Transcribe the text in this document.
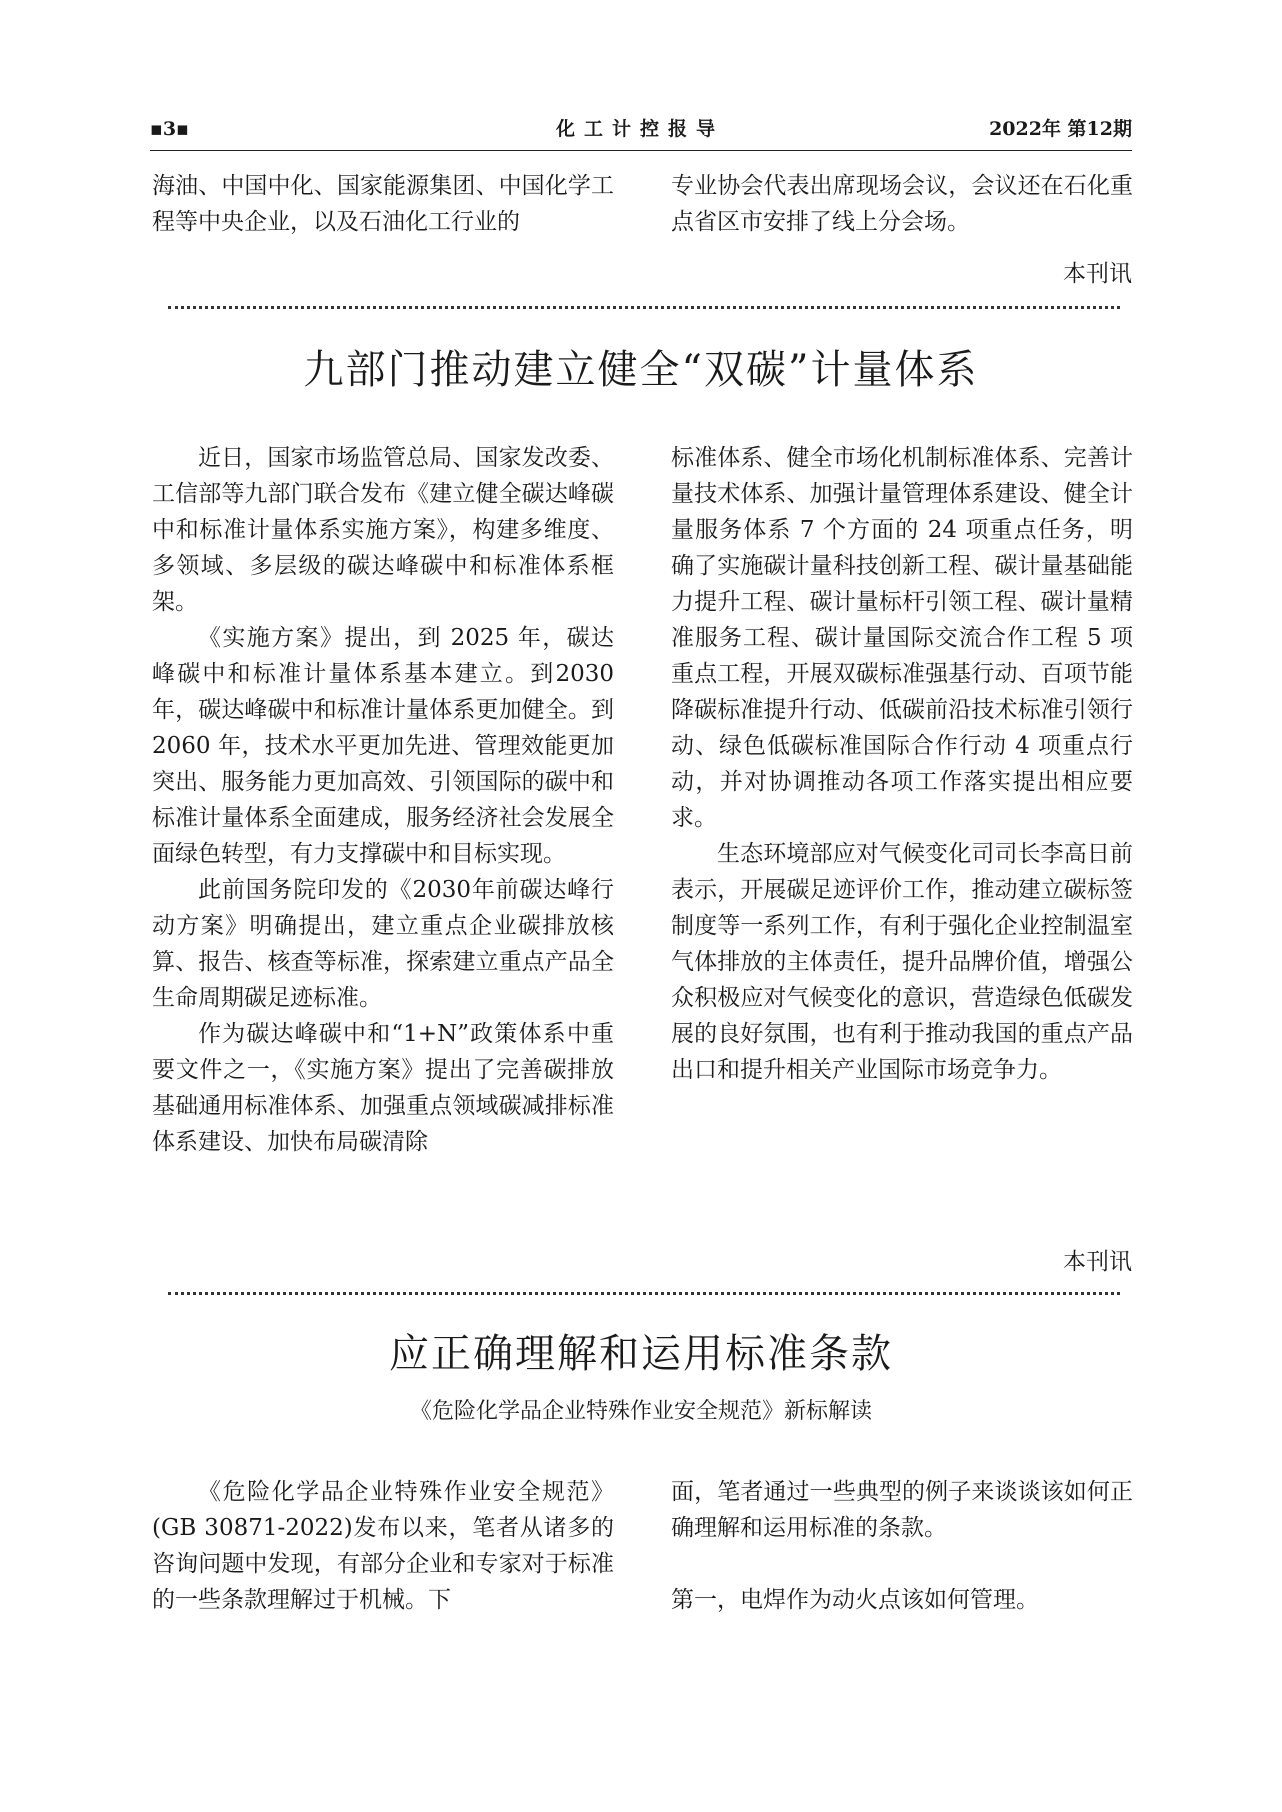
▪3▪	化工计控报导	2022年 第12期

海油、中国中化、国家能源集团、中国化学工程等中央企业，以及石油化工行业的

专业协会代表出席现场会议，会议还在石化重点省区市安排了线上分会场。

本刊讯
九部门推动建立健全“双碳”计量体系

近日，国家市场监管总局、国家发改委、工信部等九部门联合发布《建立健全碳达峰碳中和标准计量体系实施方案》，构建多维度、多领域、多层级的碳达峰碳中和标准体系框架。

《实施方案》提出，到 2025 年，碳达峰碳中和标准计量体系基本建立。到2030年，碳达峰碳中和标准计量体系更加健全。到 2060 年，技术水平更加先进、管理效能更加突出、服务能力更加高效、引领国际的碳中和标准计量体系全面建成，服务经济社会发展全面绿色转型，有力支撑碳中和目标实现。

此前国务院印发的《2030年前碳达峰行动方案》明确提出，建立重点企业碳排放核算、报告、核查等标准，探索建立重点产品全生命周期碳足迹标准。

作为碳达峰碳中和“1+N”政策体系中重要文件之一，《实施方案》提出了完善碳排放基础通用标准体系、加强重点领域碳减排标准体系建设、加快布局碳清除

标准体系、健全市场化机制标准体系、完善计量技术体系、加强计量管理体系建设、健全计量服务体系 7 个方面的 24 项重点任务，明确了实施碳计量科技创新工程、碳计量基础能力提升工程、碳计量标杆引领工程、碳计量精准服务工程、碳计量国际交流合作工程 5 项重点工程，开展双碳标准强基行动、百项节能降碳标准提升行动、低碳前沿技术标准引领行动、绿色低碳标准国际合作行动 4 项重点行动，并对协调推动各项工作落实提出相应要求。

生态环境部应对气候变化司司长李高日前表示，开展碳足迹评价工作，推动建立碳标签制度等一系列工作，有利于强化企业控制温室气体排放的主体责任，提升品牌价值，增强公众积极应对气候变化的意识，营造绿色低碳发展的良好氛围，也有利于推动我国的重点产品出口和提升相关产业国际市场竞争力。

本刊讯
应正确理解和运用标准条款
《危险化学品企业特殊作业安全规范》新标解读

《危险化学品企业特殊作业安全规范》(GB 30871-2022)发布以来，笔者从诸多的咨询问题中发现，有部分企业和专家对于标准的一些条款理解过于机械。下

面，笔者通过一些典型的例子来谈谈该如何正确理解和运用标准的条款。

第一，电焊作为动火点该如何管理。
